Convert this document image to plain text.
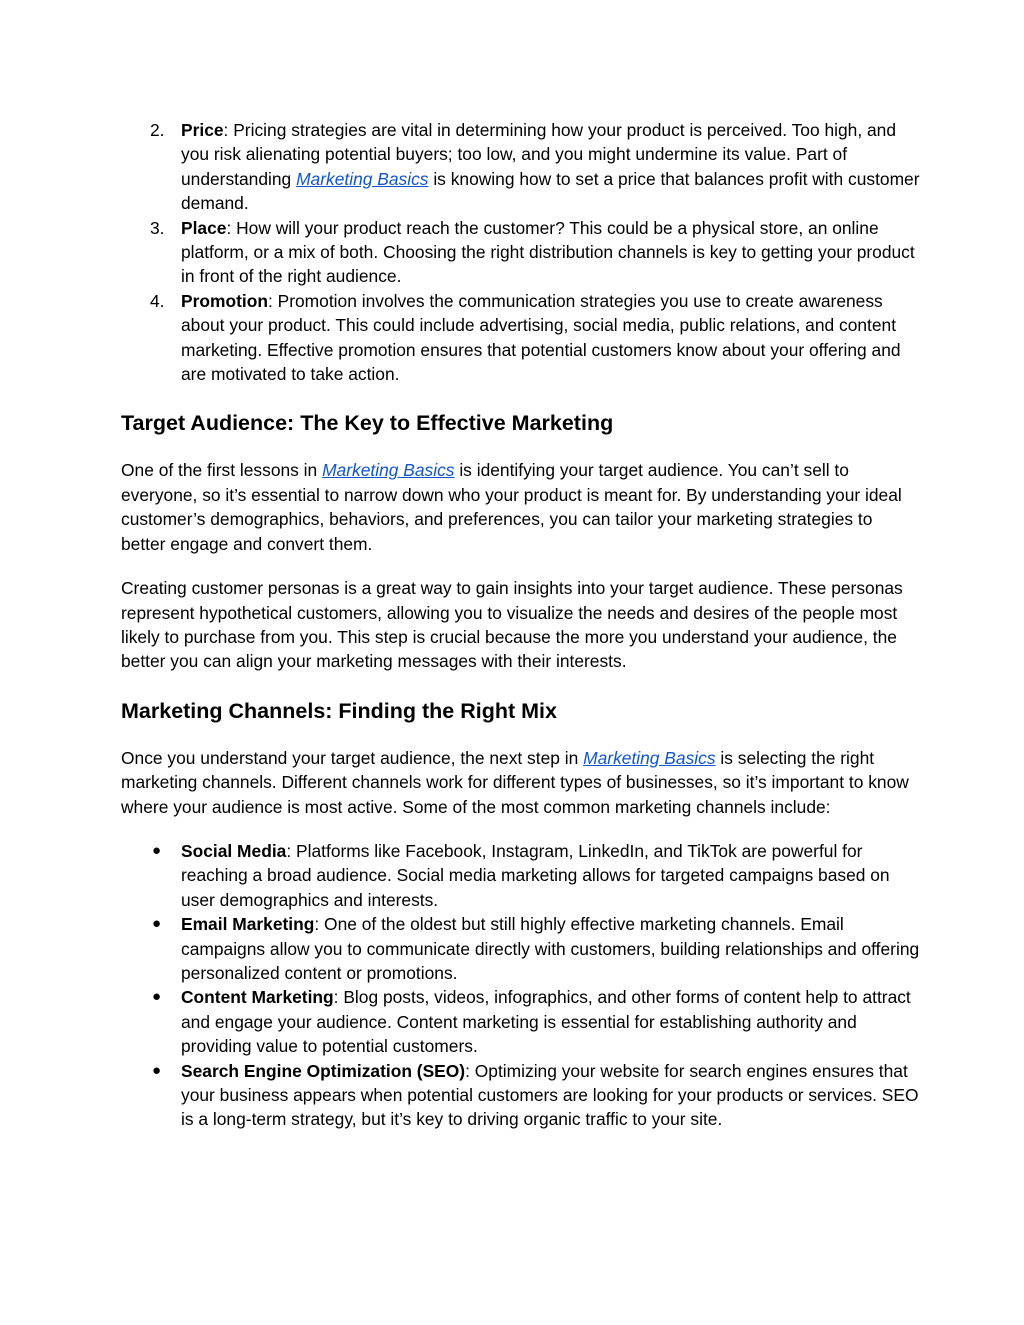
2. Price: Pricing strategies are vital in determining how your product is perceived. Too high, and you risk alienating potential buyers; too low, and you might undermine its value. Part of understanding Marketing Basics is knowing how to set a price that balances profit with customer demand.
3. Place: How will your product reach the customer? This could be a physical store, an online platform, or a mix of both. Choosing the right distribution channels is key to getting your product in front of the right audience.
4. Promotion: Promotion involves the communication strategies you use to create awareness about your product. This could include advertising, social media, public relations, and content marketing. Effective promotion ensures that potential customers know about your offering and are motivated to take action.
Target Audience: The Key to Effective Marketing

One of the first lessons in Marketing Basics is identifying your target audience. You can’t sell to everyone, so it’s essential to narrow down who your product is meant for. By understanding your ideal customer’s demographics, behaviors, and preferences, you can tailor your marketing strategies to better engage and convert them.

Creating customer personas is a great way to gain insights into your target audience. These personas represent hypothetical customers, allowing you to visualize the needs and desires of the people most likely to purchase from you. This step is crucial because the more you understand your audience, the better you can align your marketing messages with their interests.

Marketing Channels: Finding the Right Mix

Once you understand your target audience, the next step in Marketing Basics is selecting the right marketing channels. Different channels work for different types of businesses, so it’s important to know where your audience is most active. Some of the most common marketing channels include:

● Social Media: Platforms like Facebook, Instagram, LinkedIn, and TikTok are powerful for reaching a broad audience. Social media marketing allows for targeted campaigns based on user demographics and interests.
● Email Marketing: One of the oldest but still highly effective marketing channels. Email campaigns allow you to communicate directly with customers, building relationships and offering personalized content or promotions.
● Content Marketing: Blog posts, videos, infographics, and other forms of content help to attract and engage your audience. Content marketing is essential for establishing authority and providing value to potential customers.
● Search Engine Optimization (SEO): Optimizing your website for search engines ensures that your business appears when potential customers are looking for your products or services. SEO is a long-term strategy, but it’s key to driving organic traffic to your site.
